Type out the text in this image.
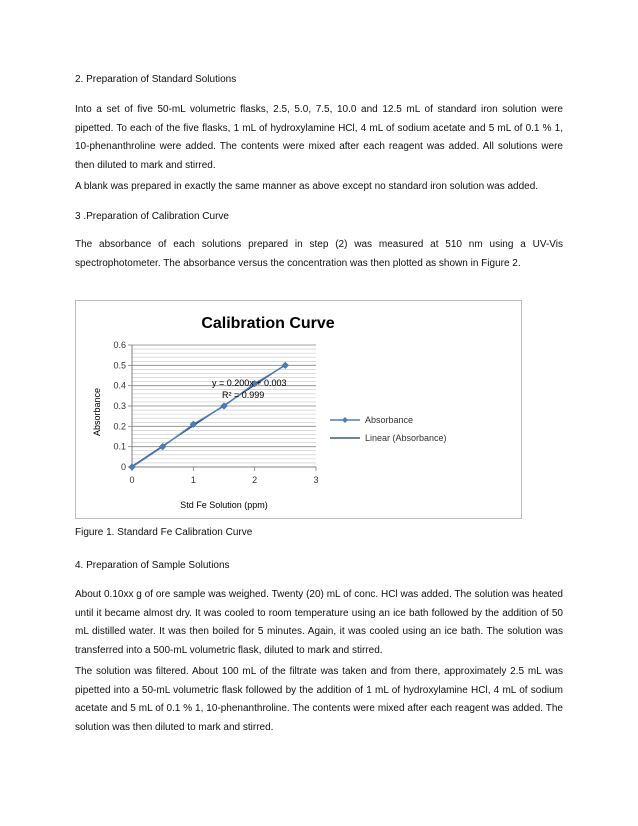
2. Preparation of Standard Solutions

Into a set of five 50-mL volumetric flasks, 2.5, 5.0, 7.5, 10.0 and 12.5 mL of standard iron solution were pipetted. To each of the five flasks, 1 mL of hydroxylamine HCl, 4 mL of sodium acetate and 5 mL of 0.1 % 1, 10-phenanthroline were added. The contents were mixed after each reagent was added. All solutions were then diluted to mark and stirred.

A blank was prepared in exactly the same manner as above except no standard iron solution was added.

3 .Preparation of Calibration Curve

The absorbance of each solutions prepared in step (2) was measured at 510 nm using a UV-Vis spectrophotometer. The absorbance versus the concentration was then plotted as shown in Figure 2.

Calibration Curve
0
0.1
0.2
0.3
0.4
0.5
0.6
0	1	2	3
Std Fe Solution (ppm)
Absorbance
y = 0.200x + 0.003
R² = 0.999
Absorbance
Linear (Absorbance)
Figure 1. Standard Fe Calibration Curve
4. Preparation of Sample Solutions

About 0.10xx g of ore sample was weighed. Twenty (20) mL of conc. HCl was added. The solution was heated until it became almost dry. It was cooled to room temperature using an ice bath followed by the addition of 50 mL distilled water. It was then boiled for 5 minutes. Again, it was cooled using an ice bath. The solution was transferred into a 500-mL volumetric flask, diluted to mark and stirred.

The solution was filtered. About 100 mL of the filtrate was taken and from there, approximately 2.5 mL was pipetted into a 50-mL volumetric flask followed by the addition of 1 mL of hydroxylamine HCl, 4 mL of sodium acetate and 5 mL of 0.1 % 1, 10-phenanthroline. The contents were mixed after each reagent was added. The solution was then diluted to mark and stirred.
